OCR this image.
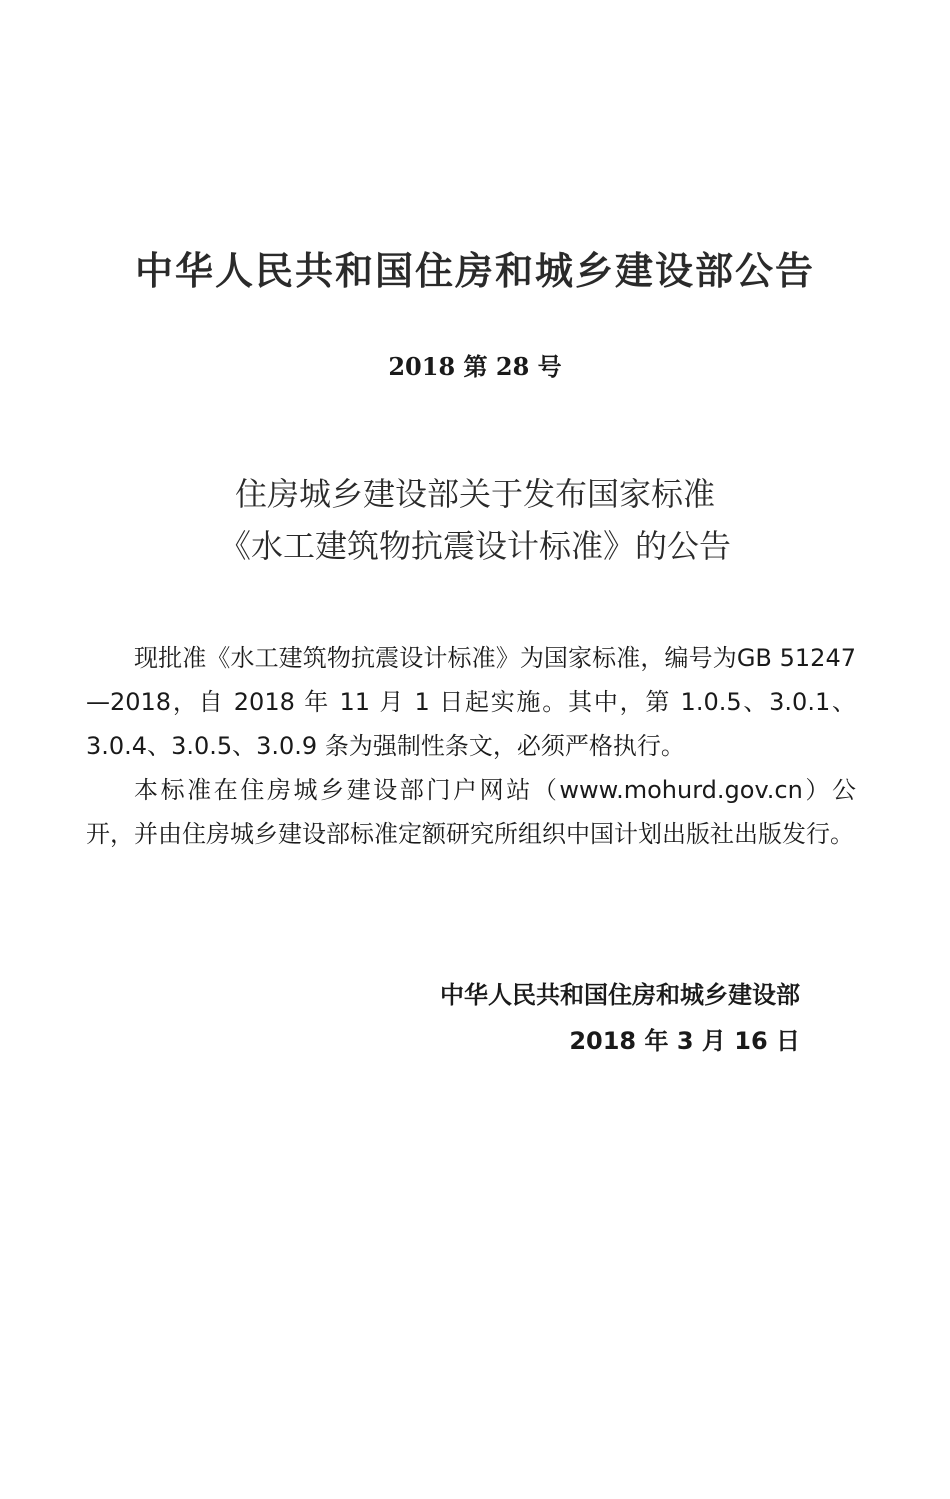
中华人民共和国住房和城乡建设部公告
2018 第 28 号
住房城乡建设部关于发布国家标准
《水工建筑物抗震设计标准》的公告

现批准《水工建筑物抗震设计标准》为国家标准，编号为GB 51247—2018，自 2018 年 11 月 1 日起实施。其中，第 1.0.5、3.0.1、3.0.4、3.0.5、3.0.9 条为强制性条文，必须严格执行。

本标准在住房城乡建设部门户网站（www.mohurd.gov.cn）公开，并由住房城乡建设部标准定额研究所组织中国计划出版社出版发行。

中华人民共和国住房和城乡建设部
2018 年 3 月 16 日
